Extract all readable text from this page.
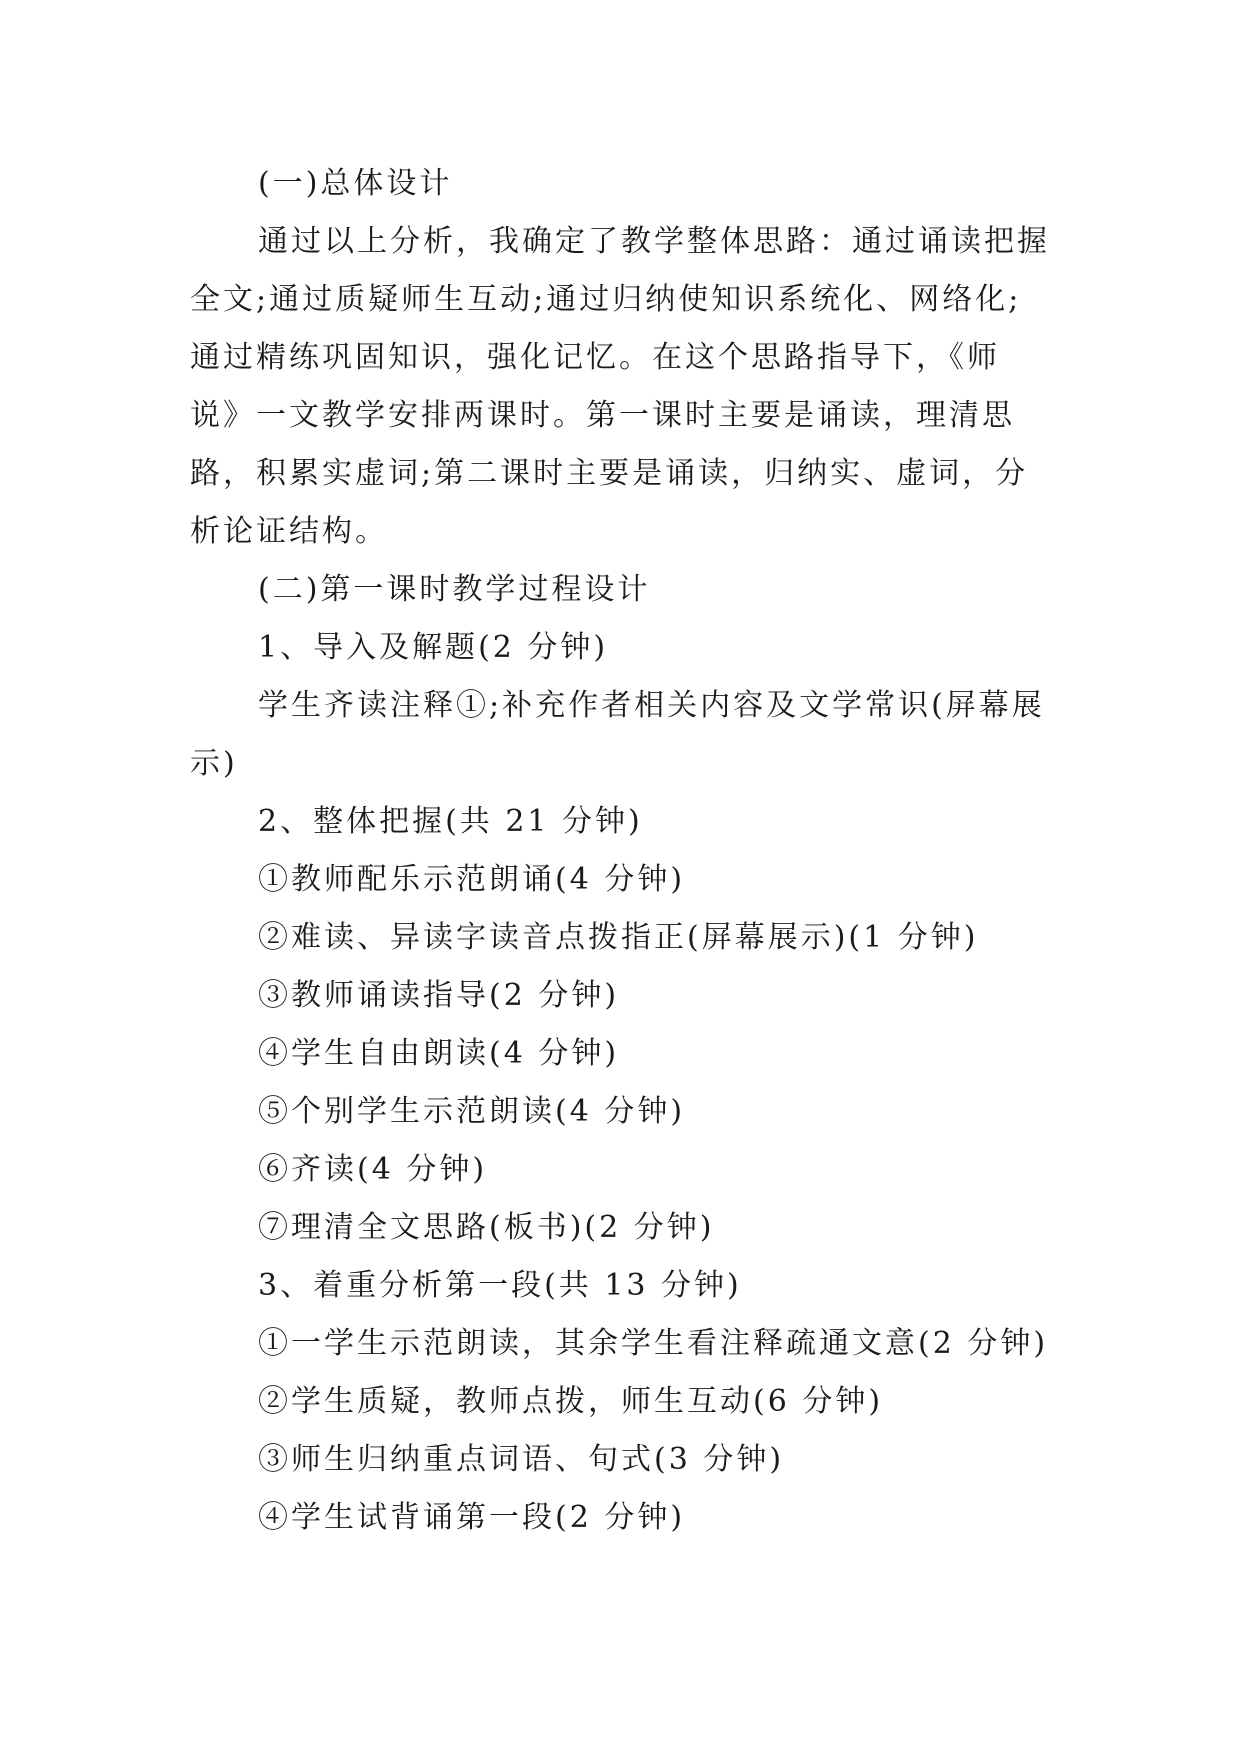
(一)总体设计

通过以上分析，我确定了教学整体思路：通过诵读把握全文;通过质疑师生互动;通过归纳使知识系统化、网络化;通过精练巩固知识，强化记忆。在这个思路指导下，《师说》一文教学安排两课时。第一课时主要是诵读，理清思路，积累实虚词;第二课时主要是诵读，归纳实、虚词，分析论证结构。

(二)第一课时教学过程设计

1、导入及解题(2 分钟)

学生齐读注释①;补充作者相关内容及文学常识(屏幕展示)

2、整体把握(共 21 分钟)

①教师配乐示范朗诵(4 分钟)

②难读、异读字读音点拨指正(屏幕展示)(1 分钟)

③教师诵读指导(2 分钟)

④学生自由朗读(4 分钟)

⑤个别学生示范朗读(4 分钟)

⑥齐读(4 分钟)

⑦理清全文思路(板书)(2 分钟)

3、着重分析第一段(共 13 分钟)

①一学生示范朗读，其余学生看注释疏通文意(2 分钟)

②学生质疑，教师点拨，师生互动(6 分钟)

③师生归纳重点词语、句式(3 分钟)

④学生试背诵第一段(2 分钟)
